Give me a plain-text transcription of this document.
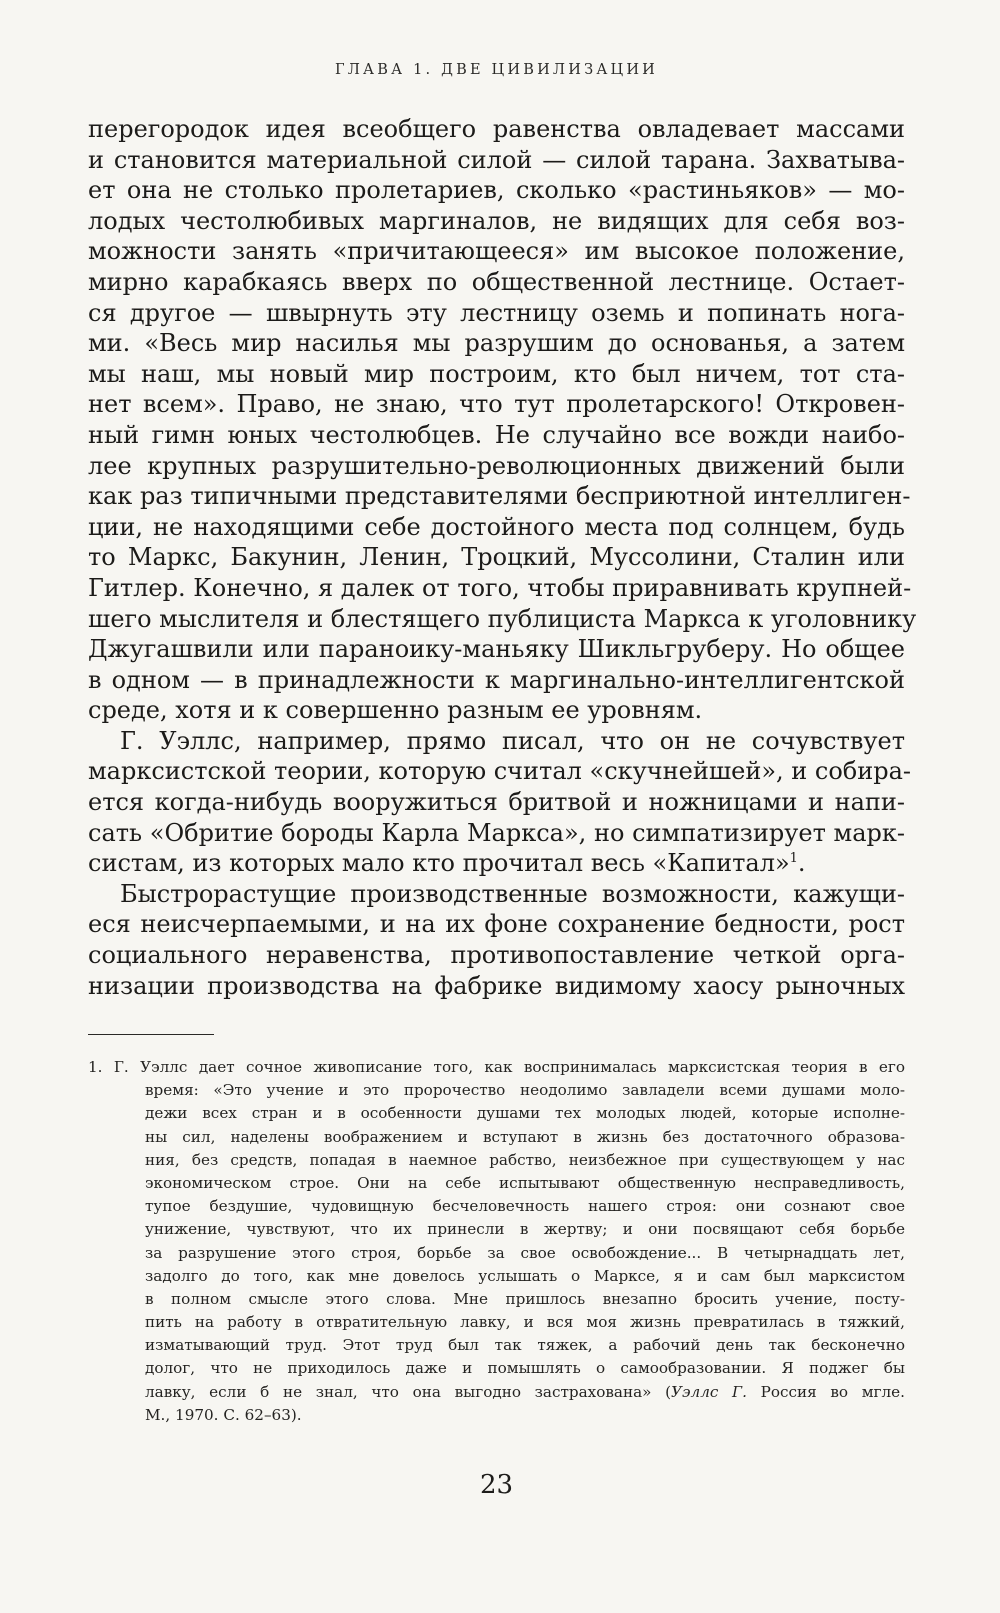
ГЛАВА 1. ДВЕ ЦИВИЛИЗАЦИИ
перегородок идея всеобщего равенства овладевает массами
и становится материальной силой — силой тарана. Захватыва-
ет она не столько пролетариев, сколько «растиньяков» — мо-
лодых честолюбивых маргиналов, не видящих для себя воз-
можности занять «причитающееся» им высокое положение,
мирно карабкаясь вверх по общественной лестнице. Остает-
ся другое — швырнуть эту лестницу оземь и попинать нога-
ми. «Весь мир насилья мы разрушим до основанья, а затем
мы наш, мы новый мир построим, кто был ничем, тот ста-
нет всем». Право, не знаю, что тут пролетарского! Откровен-
ный гимн юных честолюбцев. Не случайно все вожди наибо-
лее крупных разрушительно-революционных движений были
как раз типичными представителями бесприютной интеллиген-
ции, не находящими себе достойного места под солнцем, будь
то Маркс, Бакунин, Ленин, Троцкий, Муссолини, Сталин или
Гитлер. Конечно, я далек от того, чтобы приравнивать крупней-
шего мыслителя и блестящего публициста Маркса к уголовнику
Джугашвили или параноику-маньяку Шикльгруберу. Но общее
в одном — в принадлежности к маргинально-интеллигентской
среде, хотя и к совершенно разным ее уровням.
Г. Уэллс, например, прямо писал, что он не сочувствует
марксистской теории, которую считал «скучнейшей», и собира-
ется когда-нибудь вооружиться бритвой и ножницами и напи-
сать «Обритие бороды Карла Маркса», но симпатизирует марк-
систам, из которых мало кто прочитал весь «Капитал»$^1$.
Быстрорастущие производственные возможности, кажущи-
еся неисчерпаемыми, и на их фоне сохранение бедности, рост
социального неравенства, противопоставление четкой орга-
низации производства на фабрике видимому хаосу рыночных
1. Г. Уэллс дает сочное живописание того, как воспринималась марксистская теория в его
время: «Это учение и это пророчество неодолимо завладели всеми душами моло-
дежи всех стран и в особенности душами тех молодых людей, которые исполне-
ны сил, наделены воображением и вступают в жизнь без достаточного образова-
ния, без средств, попадая в наемное рабство, неизбежное при существующем у нас
экономическом строе. Они на себе испытывают общественную несправедливость,
тупое бездушие, чудовищную бесчеловечность нашего строя: они сознают свое
унижение, чувствуют, что их принесли в жертву; и они посвящают себя борьбе
за разрушение этого строя, борьбе за свое освобождение... В четырнадцать лет,
задолго до того, как мне довелось услышать о Марксе, я и сам был марксистом
в полном смысле этого слова. Мне пришлось внезапно бросить учение, посту-
пить на работу в отвратительную лавку, и вся моя жизнь превратилась в тяжкий,
изматывающий труд. Этот труд был так тяжек, а рабочий день так бесконечно
долог, что не приходилось даже и помышлять о самообразовании. Я поджег бы
лавку, если б не знал, что она выгодно застрахована» (Уэллс Г. Россия во мгле.
М., 1970. С. 62–63).
23
